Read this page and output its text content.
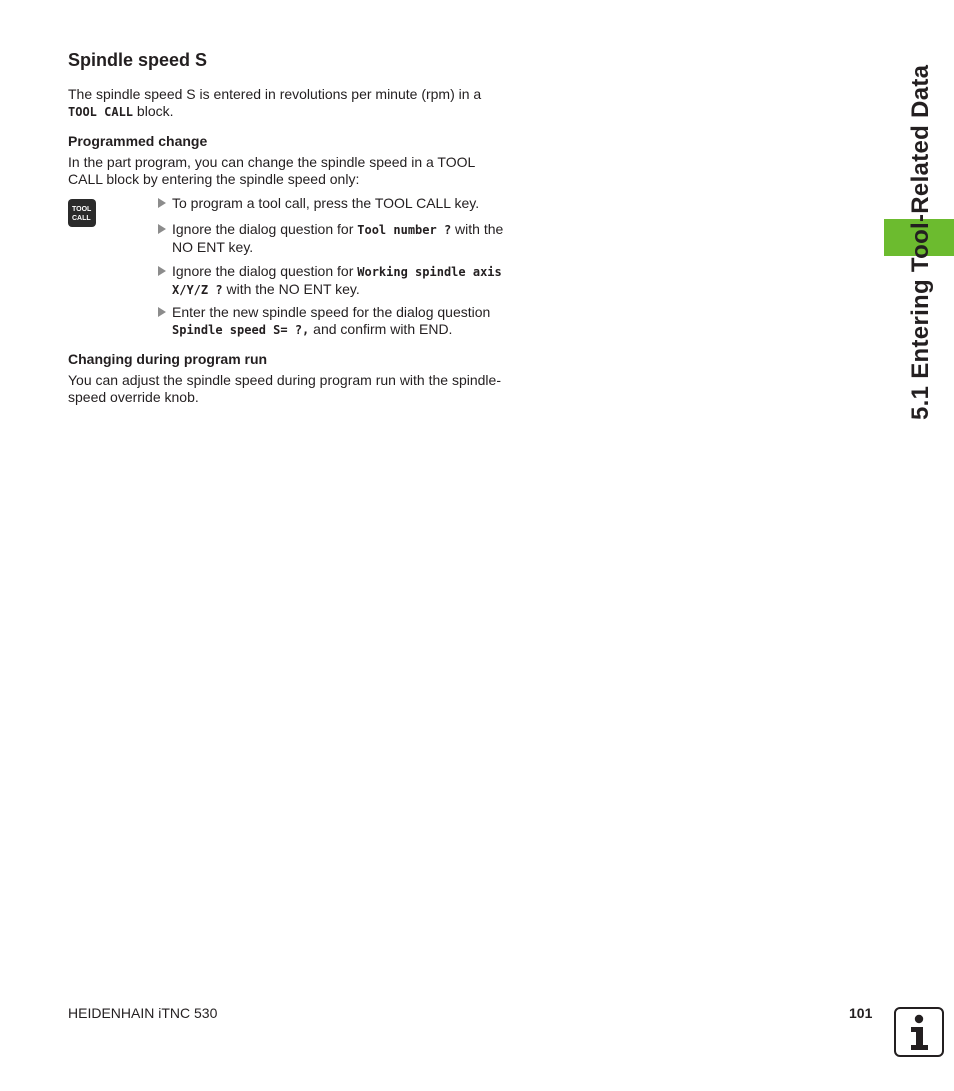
Spindle speed S
The spindle speed S is entered in revolutions per minute (rpm) in a
TOOL CALL block.
Programmed change
In the part program, you can change the spindle speed in a TOOL CALL block by entering the spindle speed only:
TOOL
CALL
To program a tool call, press the TOOL CALL key.
Ignore the dialog question for Tool number ? with the NO ENT key.
Ignore the dialog question for Working spindle axis X/Y/Z ? with the NO ENT key.
Enter the new spindle speed for the dialog question Spindle speed S= ?, and confirm with END.
Changing during program run
You can adjust the spindle speed during program run with the spindle-speed override knob.	5.1 Entering Tool-Related Data
HEIDENHAIN iTNC 530	101
